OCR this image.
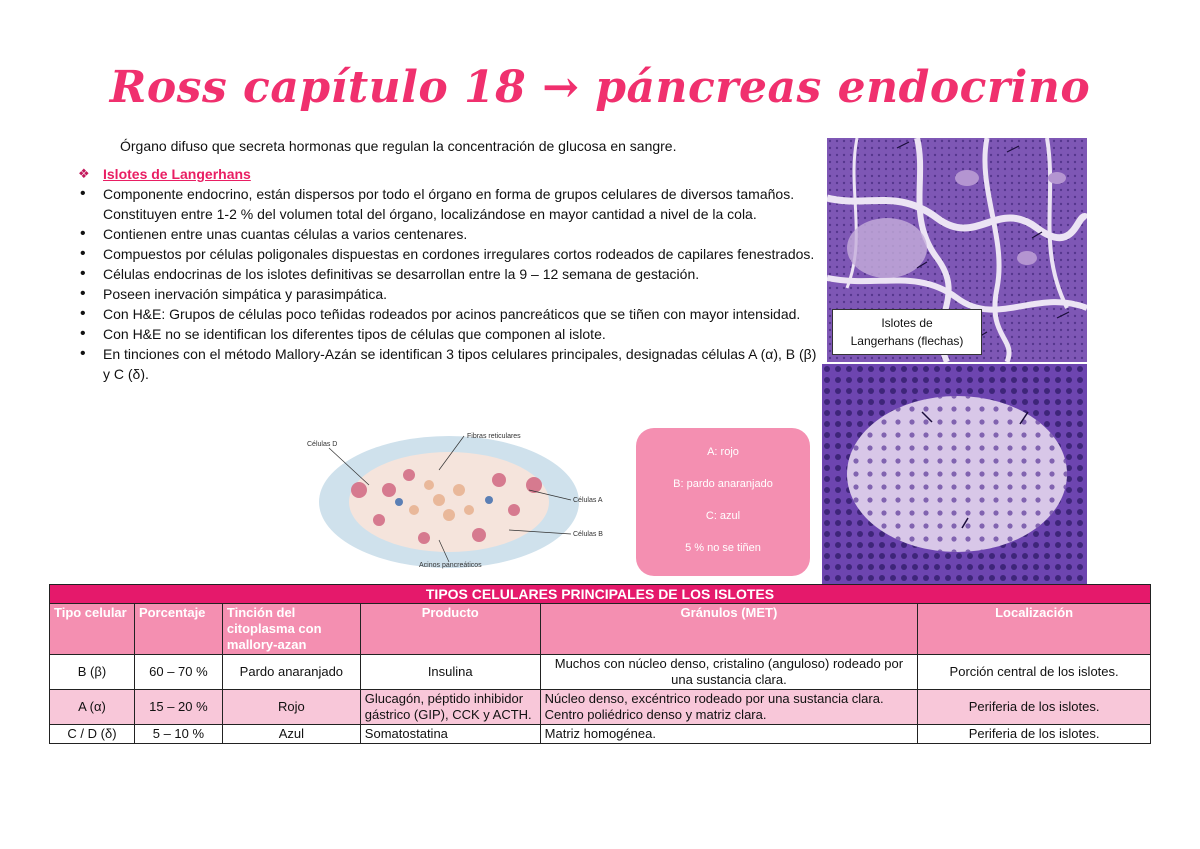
Ross capítulo 18 → páncreas endocrino
Órgano difuso que secreta hormonas que regulan la concentración de glucosa en sangre.
❖ Islotes de Langerhans
• Componente endocrino, están dispersos por todo el órgano en forma de grupos celulares de diversos tamaños. Constituyen entre 1-2 % del volumen total del órgano, localizándose en mayor cantidad a nivel de la cola.
• Contienen entre unas cuantas células a varios centenares.
• Compuestos por células poligonales dispuestas en cordones irregulares cortos rodeados de capilares fenestrados.
• Células endocrinas de los islotes definitivas se desarrollan entre la 9 – 12 semana de gestación.
• Poseen inervación simpática y parasimpática.
• Con H&E: Grupos de células poco teñidas rodeados por acinos pancreáticos que se tiñen con mayor intensidad.
• Con H&E no se identifican los diferentes tipos de células que componen al islote.
• En tinciones con el método Mallory-Azán se identifican 3 tipos celulares principales, designadas células A (α), B (β) y C (δ).
Islotes de
Langerhans (flechas)
Células D
Fibras reticulares
Células A
Células B
Acinos pancreáticos
A: rojo
B: pardo anaranjado
C: azul
5 % no se tiñen
TIPOS CELULARES PRINCIPALES DE LOS ISLOTES					
Tipo celular	Porcentaje	Tinción del citoplasma con mallory-azan	Producto	Gránulos (MET)	Localización
B (β)	60 – 70 %	Pardo anaranjado	Insulina	Muchos con núcleo denso, cristalino (anguloso) rodeado por una sustancia clara.	Porción central de los islotes.
A (α)	15 – 20 %	Rojo	Glucagón, péptido inhibidor gástrico (GIP), CCK y ACTH.	Núcleo denso, excéntrico rodeado por una sustancia clara. Centro poliédrico denso y matriz clara.	Periferia de los islotes.
C / D (δ)	5 – 10 %	Azul	Somatostatina	Matriz homogénea.	Periferia de los islotes.
